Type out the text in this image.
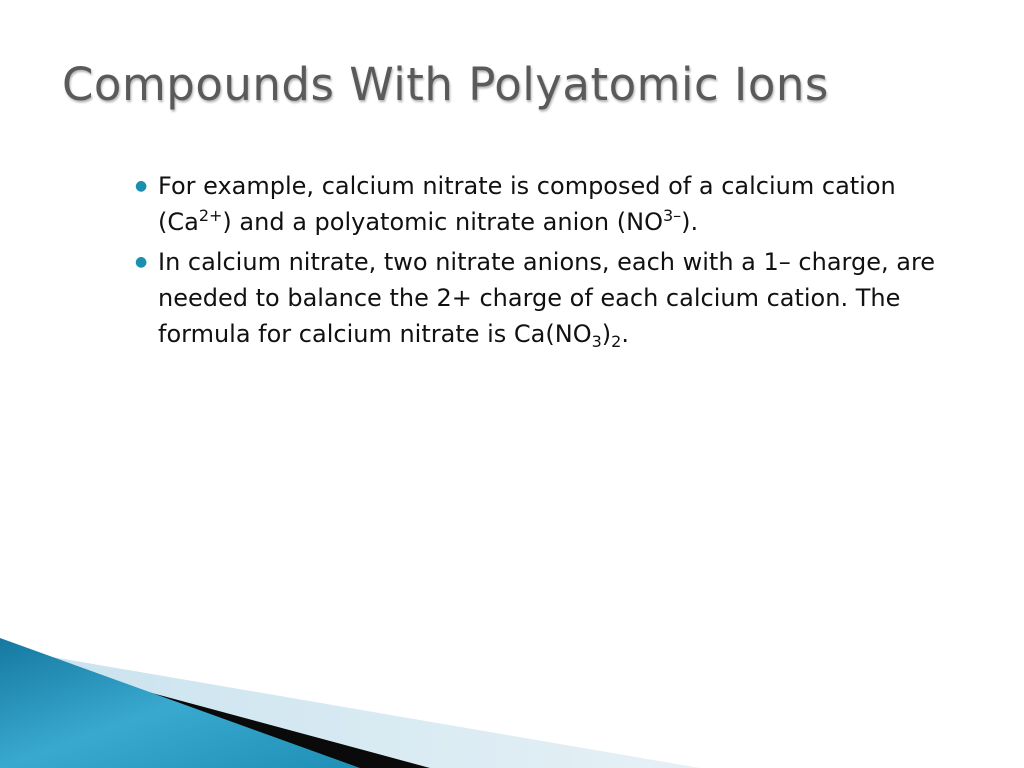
Compounds With Polyatomic Ions
● For example, calcium nitrate is composed of a calcium cation $(Ca^{2+})$ and a polyatomic nitrate anion $(NO^{3-})$.
● In calcium nitrate, two nitrate anions, each with a 1– charge, are needed to balance the 2+ charge of each calcium cation. The formula for calcium nitrate is $Ca(NO_3)_2$.
